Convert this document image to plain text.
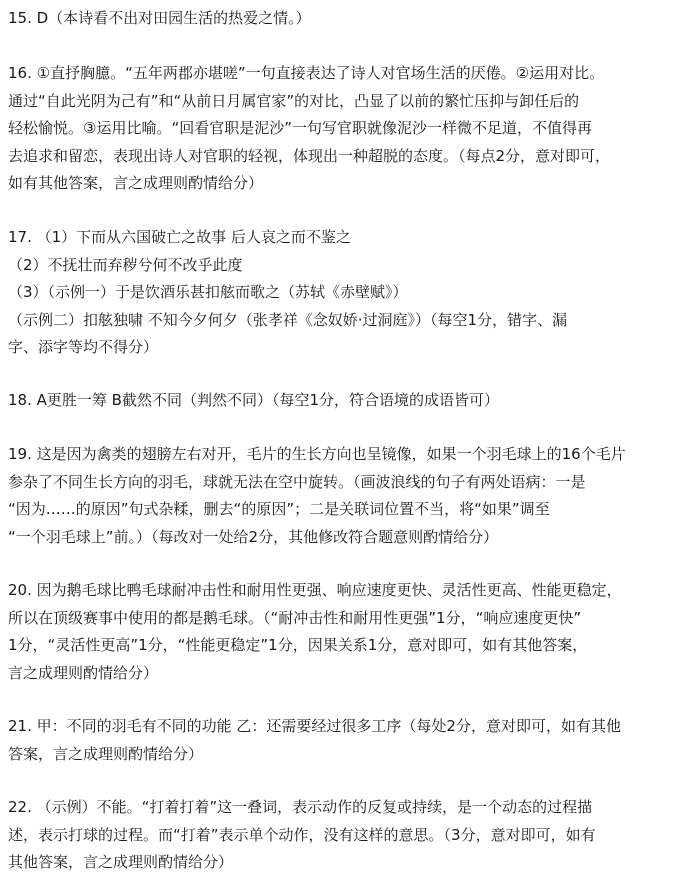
15. D（本诗看不出对田园生活的热爱之情。）
16. ①直抒胸臆。“五年两郡亦堪嗟”一句直接表达了诗人对官场生活的厌倦。②运用对比。
通过“自此光阴为己有”和“从前日月属官家”的对比，凸显了以前的繁忙压抑与卸任后的
轻松愉悦。③运用比喻。“回看官职是泥沙”一句写官职就像泥沙一样微不足道，不值得再
去追求和留恋，表现出诗人对官职的轻视，体现出一种超脱的态度。（每点2分，意对即可，
如有其他答案，言之成理则酌情给分）
17. （1）下而从六国破亡之故事 后人哀之而不鉴之
（2）不抚壮而弃秽兮何不改乎此度
（3）（示例一）于是饮酒乐甚扣舷而歌之（苏轼《赤壁赋》）
（示例二）扣舷独啸 不知今夕何夕（张孝祥《念奴娇·过洞庭》）（每空1分，错字、漏
字、添字等均不得分）
18. A更胜一筹 B截然不同（判然不同）（每空1分，符合语境的成语皆可）
19. 这是因为禽类的翅膀左右对开，毛片的生长方向也呈镜像，如果一个羽毛球上的16个毛片
参杂了不同生长方向的羽毛，球就无法在空中旋转。（画波浪线的句子有两处语病：一是
“因为……的原因”句式杂糅，删去“的原因”；二是关联词位置不当，将“如果”调至
“一个羽毛球上”前。）（每改对一处给2分，其他修改符合题意则酌情给分）
20. 因为鹅毛球比鸭毛球耐冲击性和耐用性更强、响应速度更快、灵活性更高、性能更稳定，
所以在顶级赛事中使用的都是鹅毛球。（“耐冲击性和耐用性更强”1分，“响应速度更快”
1分，“灵活性更高”1分，“性能更稳定”1分，因果关系1分，意对即可，如有其他答案，
言之成理则酌情给分）
21. 甲：不同的羽毛有不同的功能 乙：还需要经过很多工序（每处2分，意对即可，如有其他
答案，言之成理则酌情给分）
22. （示例）不能。“打着打着”这一叠词，表示动作的反复或持续，是一个动态的过程描
述，表示打球的过程。而“打着”表示单个动作，没有这样的意思。（3分，意对即可，如有
其他答案，言之成理则酌情给分）
